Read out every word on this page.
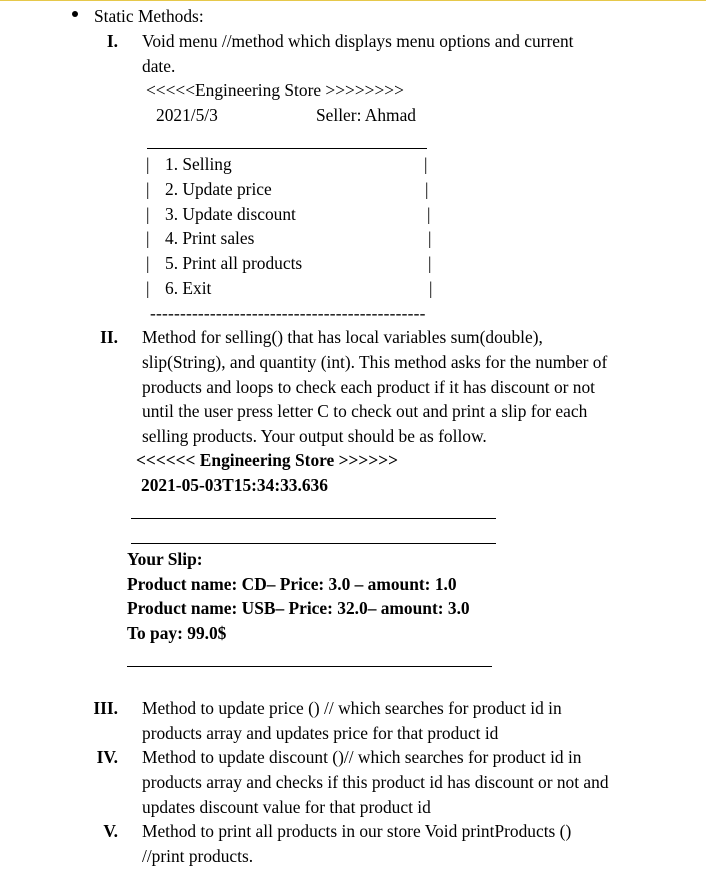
Static Methods:
I. Void menu //method which displays menu options and current
date.
<<<<<Engineering Store >>>>>>>>
2021/5/3	Seller: Ahmad
|
|
|
|
|
|
1. Selling
2. Update price
3. Update discount
4. Print sales
5. Print all products
6. Exit
|
|
|
|
|
|
----------------------------------------------
II. Method for selling() that has local variables sum(double),
slip(String), and quantity (int). This method asks for the number of
products and loops to check each product if it has discount or not
until the user press letter C to check out and print a slip for each
selling products. Your output should be as follow.
<<<<<< Engineering Store >>>>>>
2021-05-03T15:34:33.636
Your Slip:
Product name: CD– Price: 3.0 – amount: 1.0
Product name: USB– Price: 32.0– amount: 3.0
To pay: 99.0$
III. Method to update price () // which searches for product id in
products array and updates price for that product id
IV. Method to update discount ()// which searches for product id in
products array and checks if this product id has discount or not and
updates discount value for that product id
V. Method to print all products in our store Void printProducts ()
//print products.
